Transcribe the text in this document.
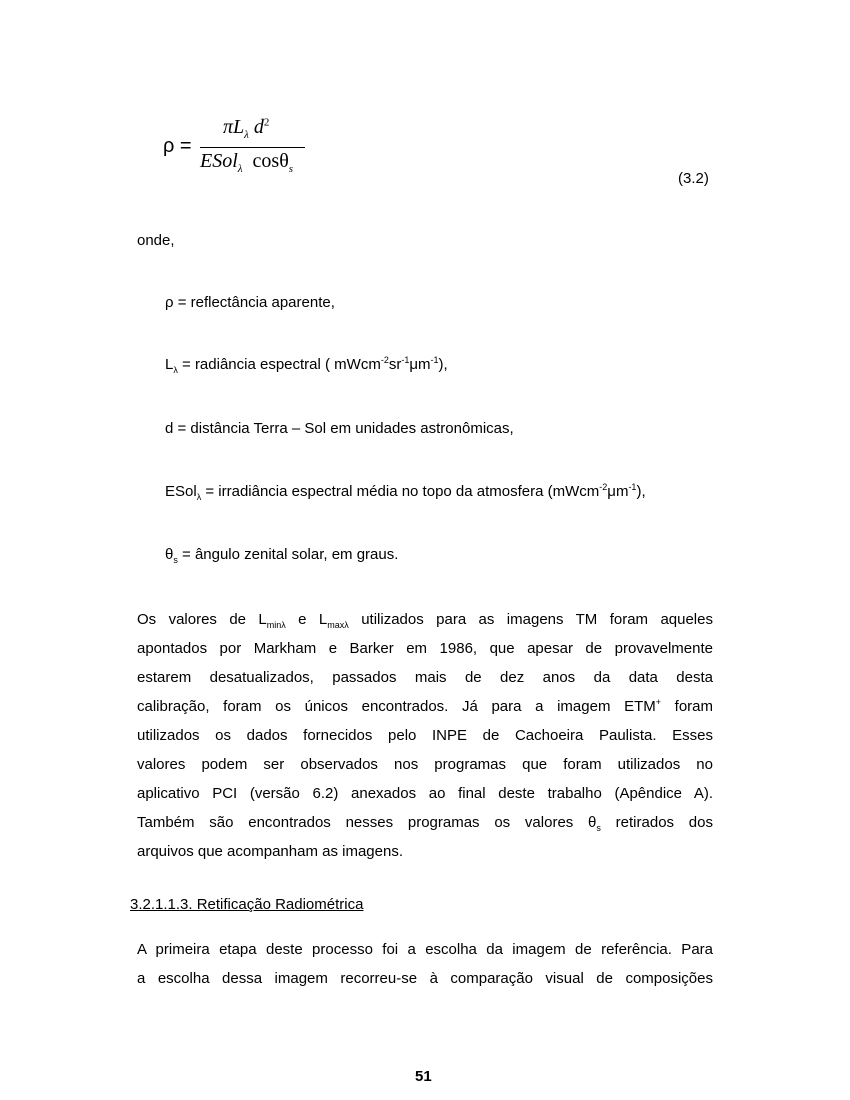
ρ =
$\pi L_\lambda$ $d^2$
ESol$_\lambda$ cosθ$_s$
(3.2)
onde,
ρ = reflectância aparente,
$L_\lambda$ = radiância espectral ( $mWcm^{-2}sr^{-1}\mu m^{-1}$),
d = distância Terra – Sol em unidades astronômicas,
ESol$_\lambda$ = irradiância espectral média no topo da atmosfera $(mWcm^{-2}\mu m^{-1})$,
$\theta_s$ = ângulo zenital solar, em graus.
Os valores de $L_{min\lambda}$ e $L_{max\lambda}$ utilizados para as imagens TM foram aqueles
apontados por Markham e Barker em 1986, que apesar de provavelmente
estarem desatualizados, passados mais de dez anos da data desta
calibração, foram os únicos encontrados. Já para a imagem ETM+ foram
utilizados os dados fornecidos pelo INPE de Cachoeira Paulista. Esses
valores podem ser observados nos programas que foram utilizados no
aplicativo PCI (versão 6.2) anexados ao final deste trabalho (Apêndice A).
Também são encontrados nesses programas os valores $\theta_s$ retirados dos
arquivos que acompanham as imagens.
3.2.1.1.3. Retificação Radiométrica
A primeira etapa deste processo foi a escolha da imagem de referência. Para
a escolha dessa imagem recorreu-se à comparação visual de composições
51
